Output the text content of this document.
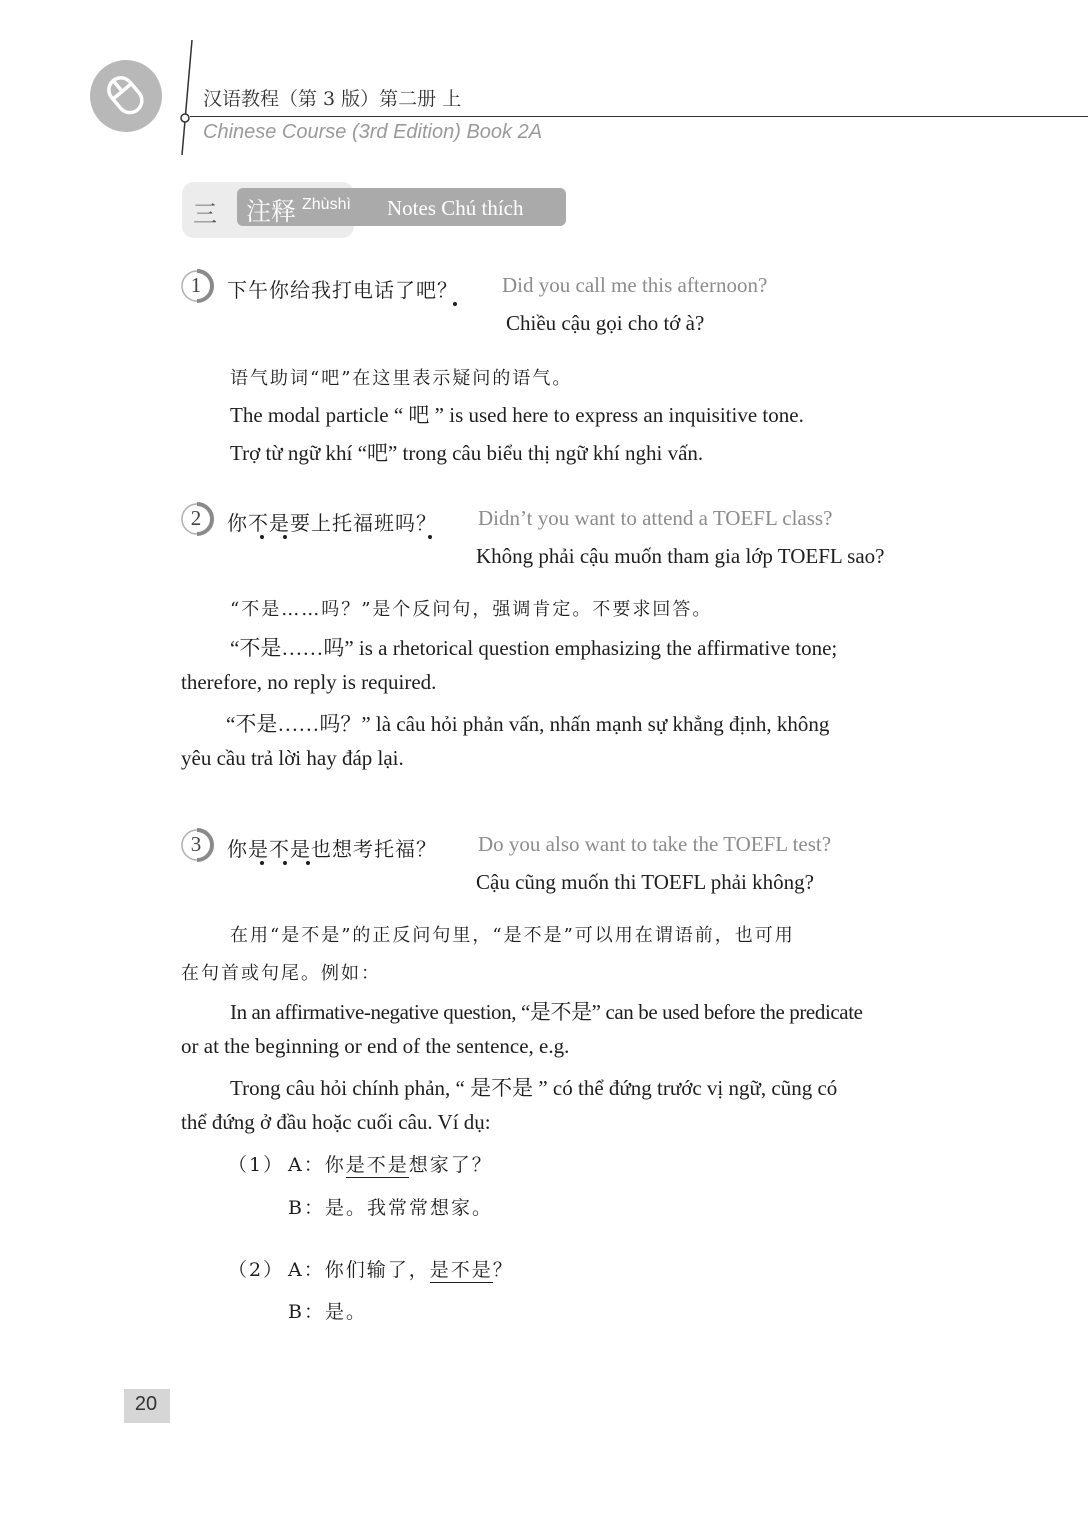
汉语教程（第 3 版）第二册 上
Chinese Course (3rd Edition) Book 2A
三 注释 Zhùshì Notes Chú thích
1	下午你给我打电话了吧？ Did you call me this afternoon?
Chiều cậu gọi cho tớ à?
语气助词“吧”在这里表示疑问的语气。
The modal particle “ 吧 ” is used here to express an inquisitive tone.
Trợ từ ngữ khí “吧” trong câu biểu thị ngữ khí nghi vấn.
2	你不是要上托福班吗？ Didn’t you want to attend a TOEFL class?
Không phải cậu muốn tham gia lớp TOEFL sao?
“不是……吗？”是个反问句，强调肯定。不要求回答。
“不是……吗” is a rhetorical question emphasizing the affirmative tone;
therefore, no reply is required.
“不是……吗？” là câu hỏi phản vấn, nhấn mạnh sự khẳng định, không
yêu cầu trả lời hay đáp lại.
3	你是不是也想考托福？ Do you also want to take the TOEFL test?
Cậu cũng muốn thi TOEFL phải không?
在用“是不是”的正反问句里，“是不是”可以用在谓语前，也可用
在句首或句尾。例如：
In an affirmative-negative question, “是不是” can be used before the predicate
or at the beginning or end of the sentence, e.g.
Trong câu hỏi chính phản, “ 是不是 ” có thể đứng trước vị ngữ, cũng có
thể đứng ở đầu hoặc cuối câu. Ví dụ:
（1） A：你是不是想家了？
B：是。我常常想家。
（2） A：你们输了，是不是？
B：是。
20
